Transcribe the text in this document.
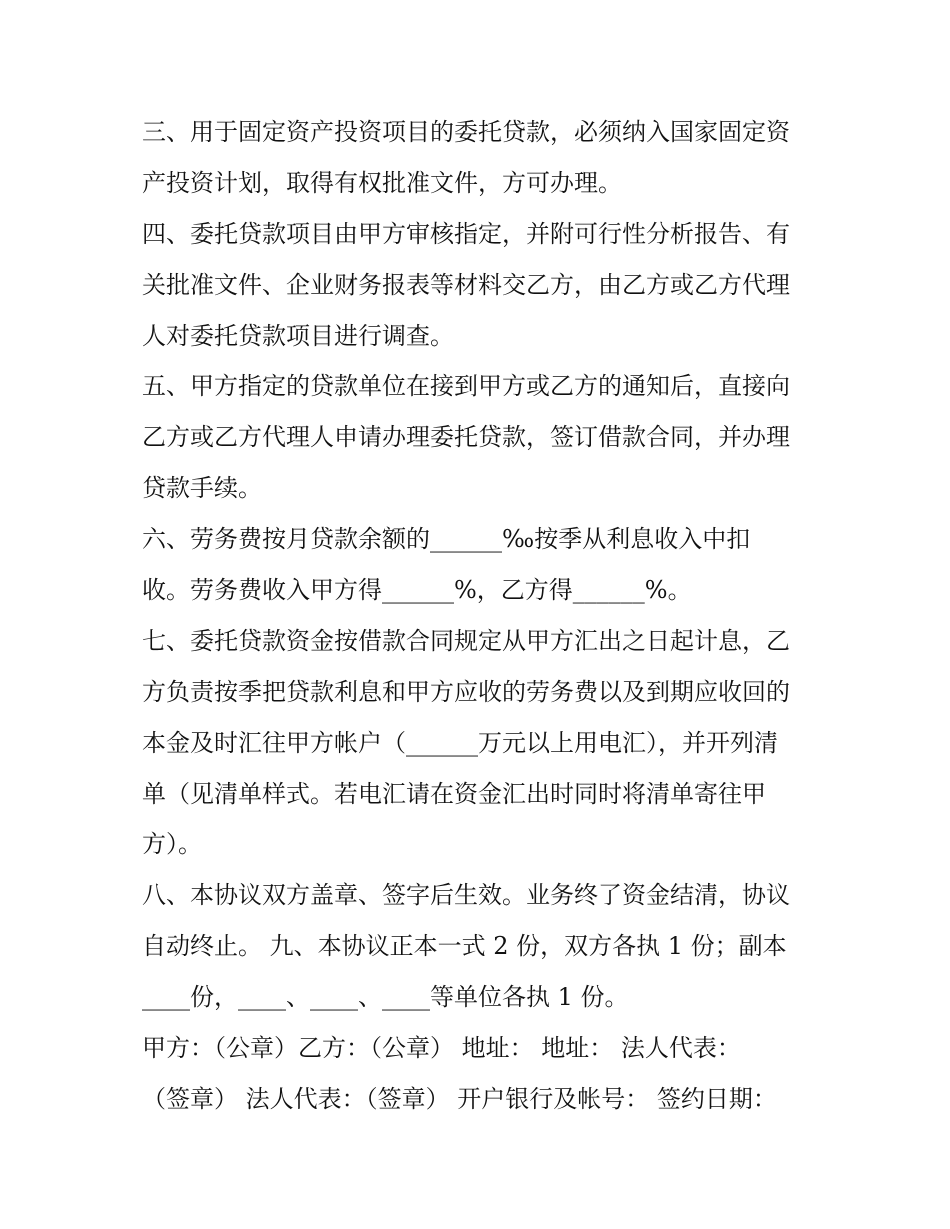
三、用于固定资产投资项目的委托贷款，必须纳入国家固定资
产投资计划，取得有权批准文件，方可办理。
四、委托贷款项目由甲方审核指定，并附可行性分析报告、有
关批准文件、企业财务报表等材料交乙方，由乙方或乙方代理
人对委托贷款项目进行调查。
五、甲方指定的贷款单位在接到甲方或乙方的通知后，直接向
乙方或乙方代理人申请办理委托贷款，签订借款合同，并办理
贷款手续。
六、劳务费按月贷款余额的______‰按季从利息收入中扣
收。劳务费收入甲方得______%，乙方得______%。
七、委托贷款资金按借款合同规定从甲方汇出之日起计息，乙
方负责按季把贷款利息和甲方应收的劳务费以及到期应收回的
本金及时汇往甲方帐户（______万元以上用电汇），并开列清
单（见清单样式。若电汇请在资金汇出时同时将清单寄往甲
方）。
八、本协议双方盖章、签字后生效。业务终了资金结清，协议
自动终止。 九、本协议正本一式 2 份，双方各执 1 份；副本
____份，____、____、____等单位各执 1 份。
甲方：（公章）乙方：（公章） 地址： 地址： 法人代表：
（签章） 法人代表：（签章） 开户银行及帐号： 签约日期：
